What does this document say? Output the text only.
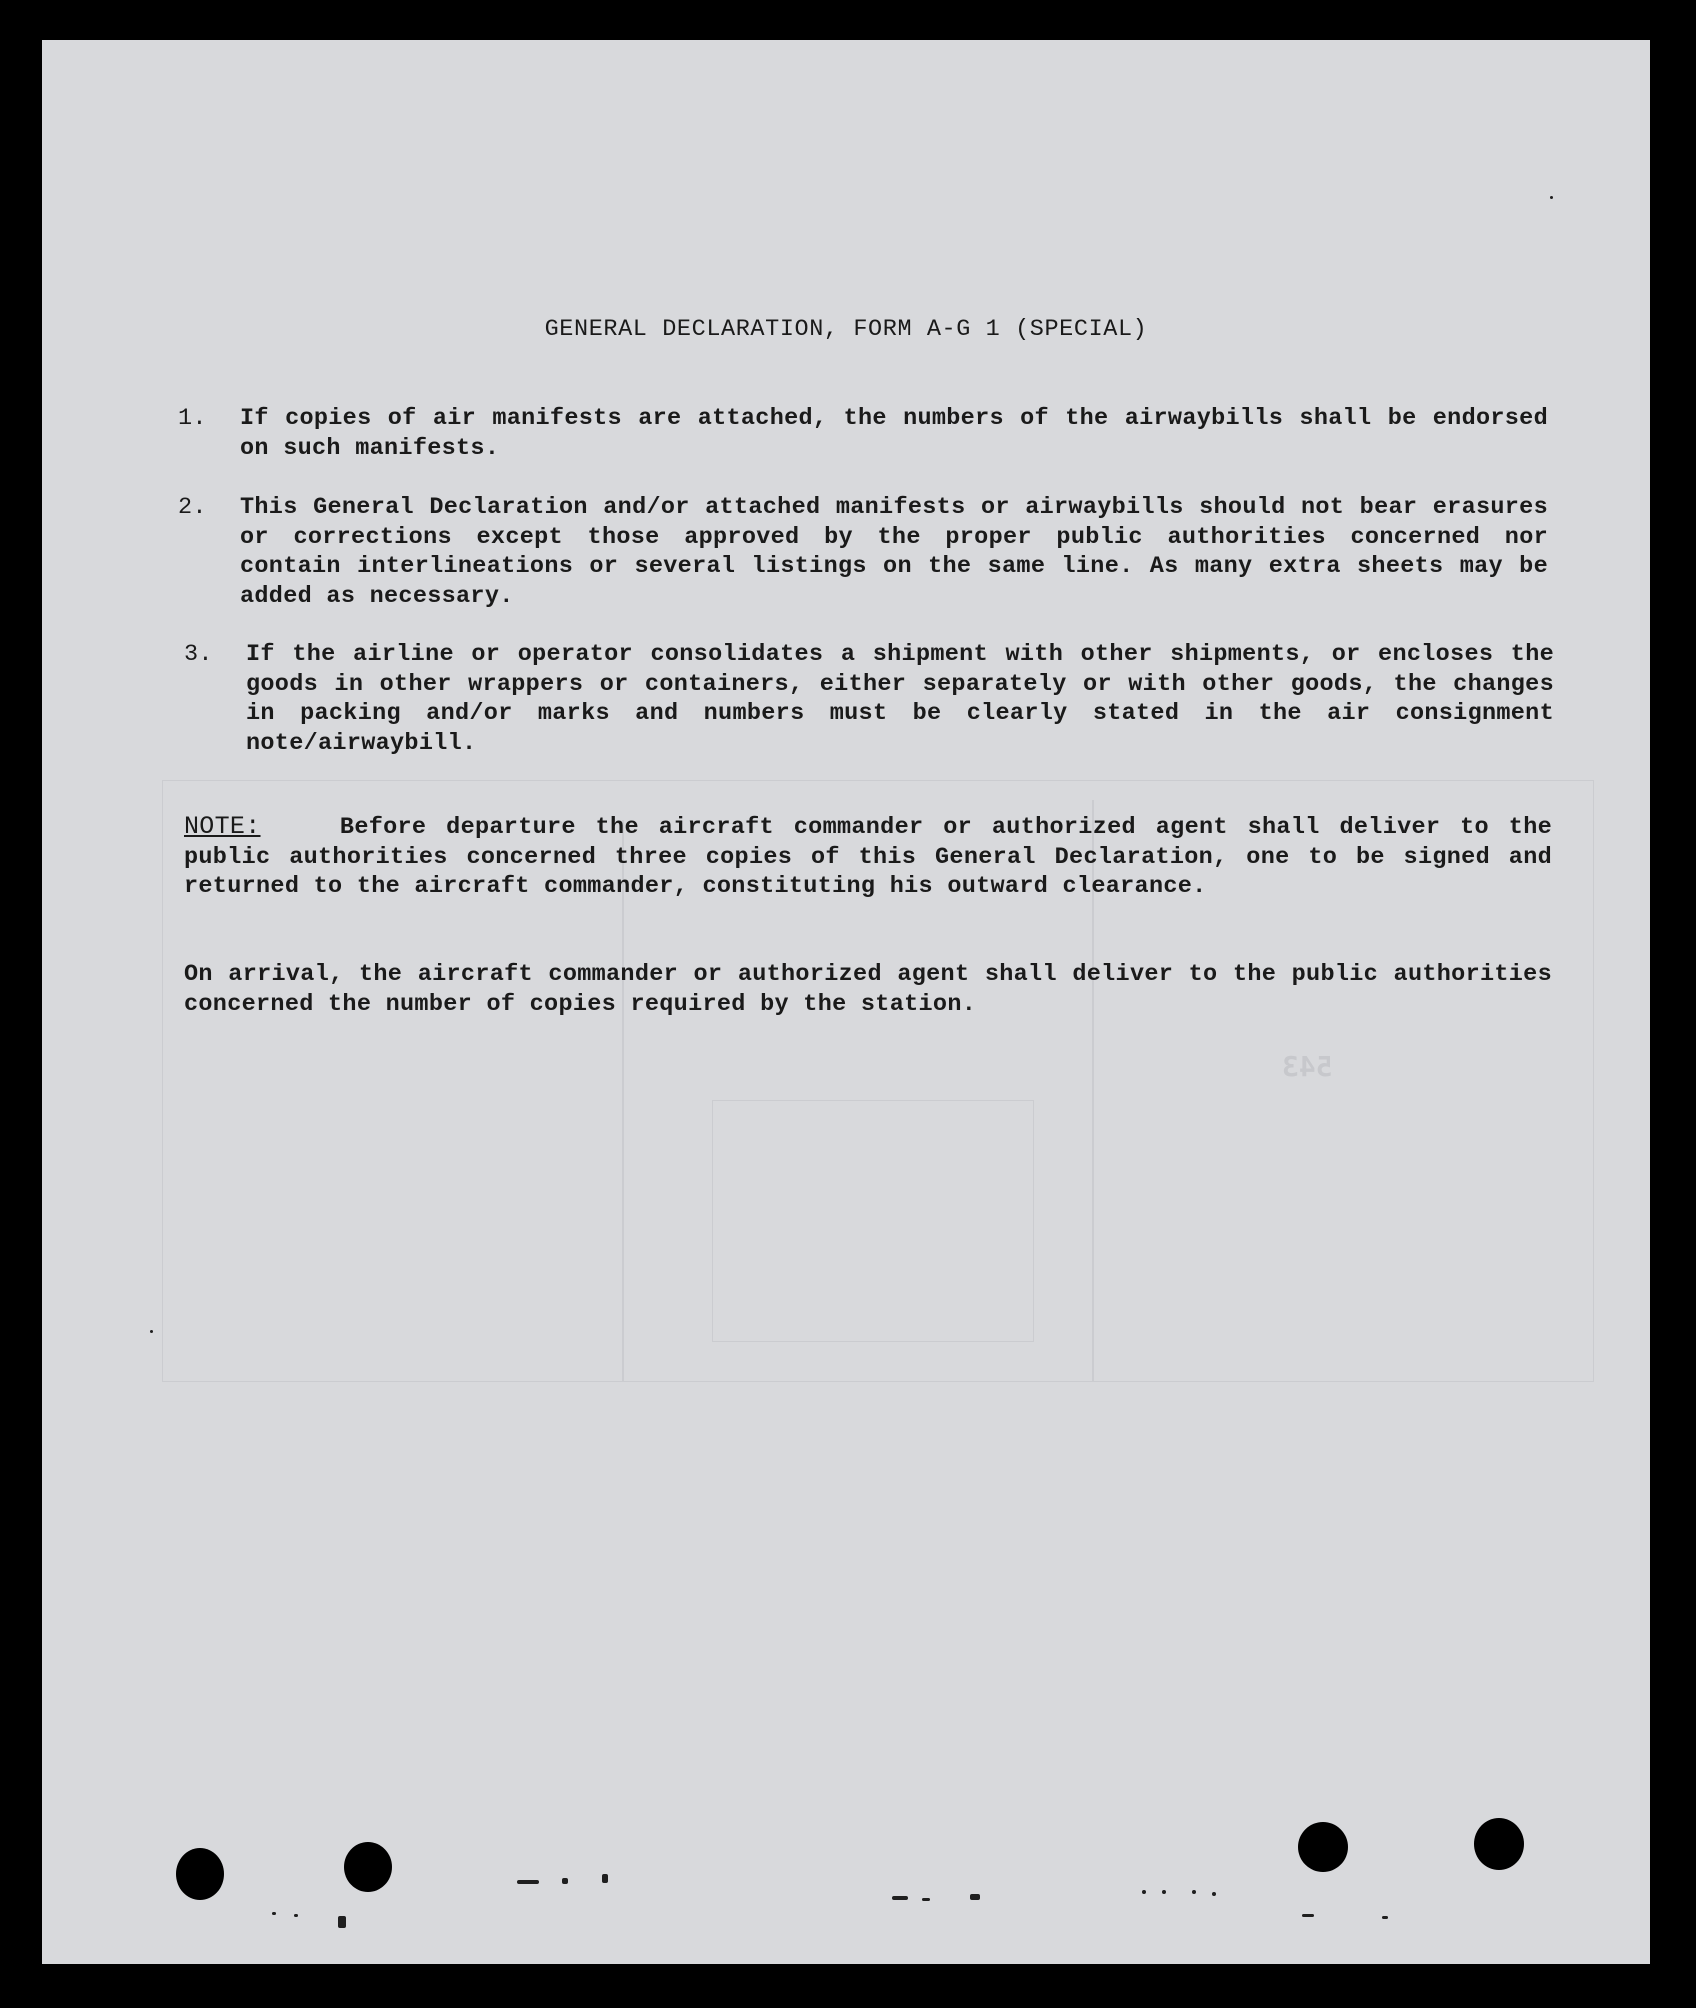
543
GENERAL DECLARATION, FORM A-G 1 (SPECIAL)
1. If copies of air manifests are attached, the numbers of the airwaybills shall be endorsed on such manifests.
2. This General Declaration and/or attached manifests or airwaybills should not bear erasures or corrections except those approved by the proper public authorities concerned nor contain interlineations or several listings on the same line. As many extra sheets may be added as necessary.
3. If the airline or operator consolidates a shipment with other shipments, or encloses the goods in other wrappers or containers, either separately or with other goods, the changes in packing and/or marks and numbers must be clearly stated in the air consignment note/airwaybill.
NOTE:	Before departure the aircraft commander or authorized agent shall deliver to the public authorities concerned three copies of this General Declaration, one to be signed and returned to the aircraft commander, constituting his outward clearance.
On arrival, the aircraft commander or authorized agent shall deliver to the public authorities concerned the number of copies required by the station.
